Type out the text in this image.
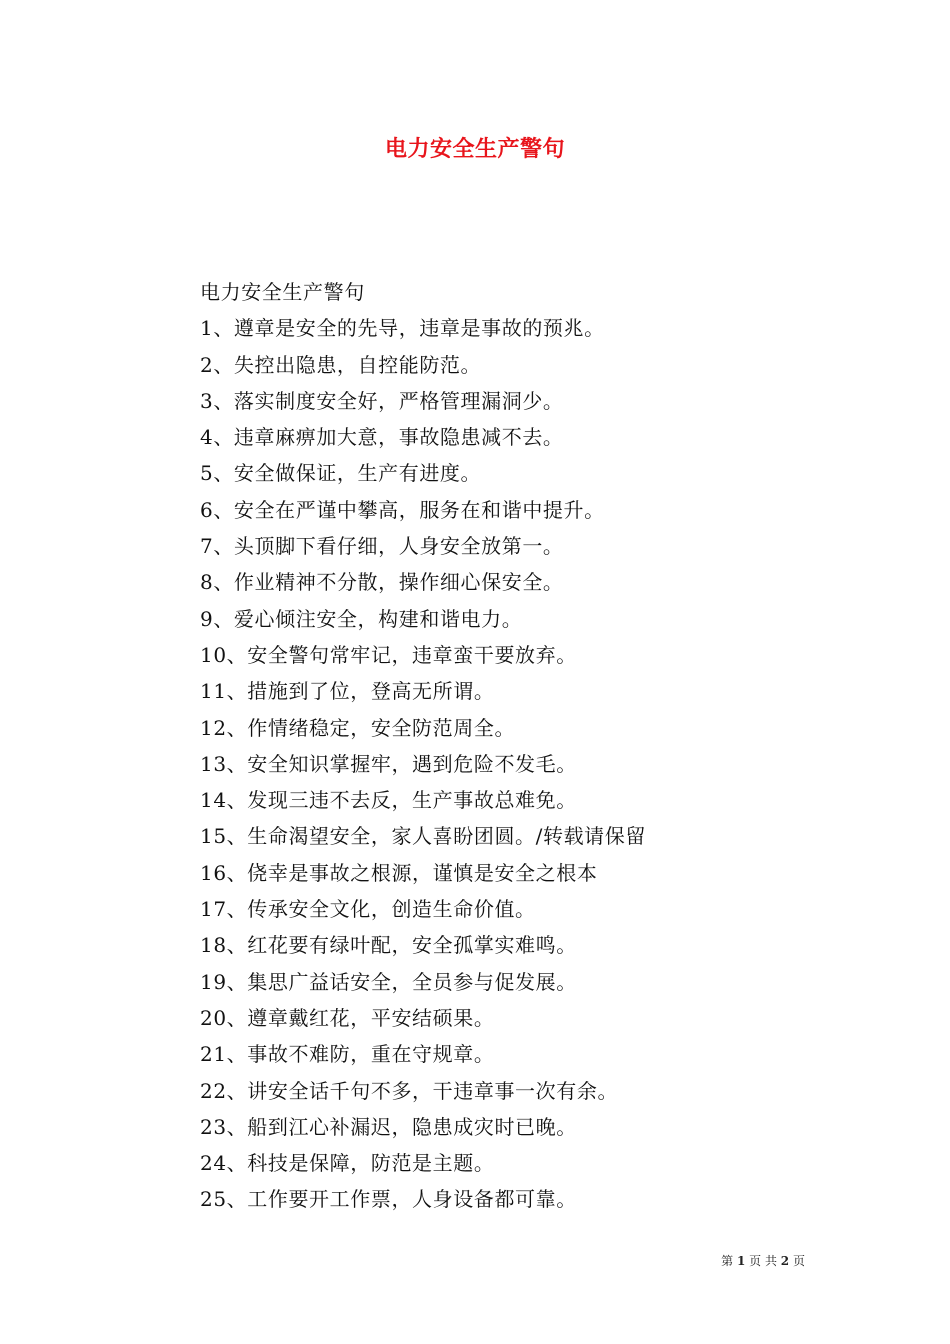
电力安全生产警句
电力安全生产警句
1、遵章是安全的先导，违章是事故的预兆。
2、失控出隐患，自控能防范。
3、落实制度安全好，严格管理漏洞少。
4、违章麻痹加大意，事故隐患减不去。
5、安全做保证，生产有进度。
6、安全在严谨中攀高，服务在和谐中提升。
7、头顶脚下看仔细，人身安全放第一。
8、作业精神不分散，操作细心保安全。
9、爱心倾注安全，构建和谐电力。
10、安全警句常牢记，违章蛮干要放弃。
11、措施到了位，登高无所谓。
12、作情绪稳定，安全防范周全。
13、安全知识掌握牢，遇到危险不发毛。
14、发现三违不去反，生产事故总难免。
15、生命渴望安全，家人喜盼团圆。/转载请保留
16、侥幸是事故之根源，谨慎是安全之根本
17、传承安全文化，创造生命价值。
18、红花要有绿叶配，安全孤掌实难鸣。
19、集思广益话安全，全员参与促发展。
20、遵章戴红花，平安结硕果。
21、事故不难防，重在守规章。
22、讲安全话千句不多，干违章事一次有余。
23、船到江心补漏迟，隐患成灾时已晚。
24、科技是保障，防范是主题。
25、工作要开工作票，人身设备都可靠。
第 1 页 共 2 页
